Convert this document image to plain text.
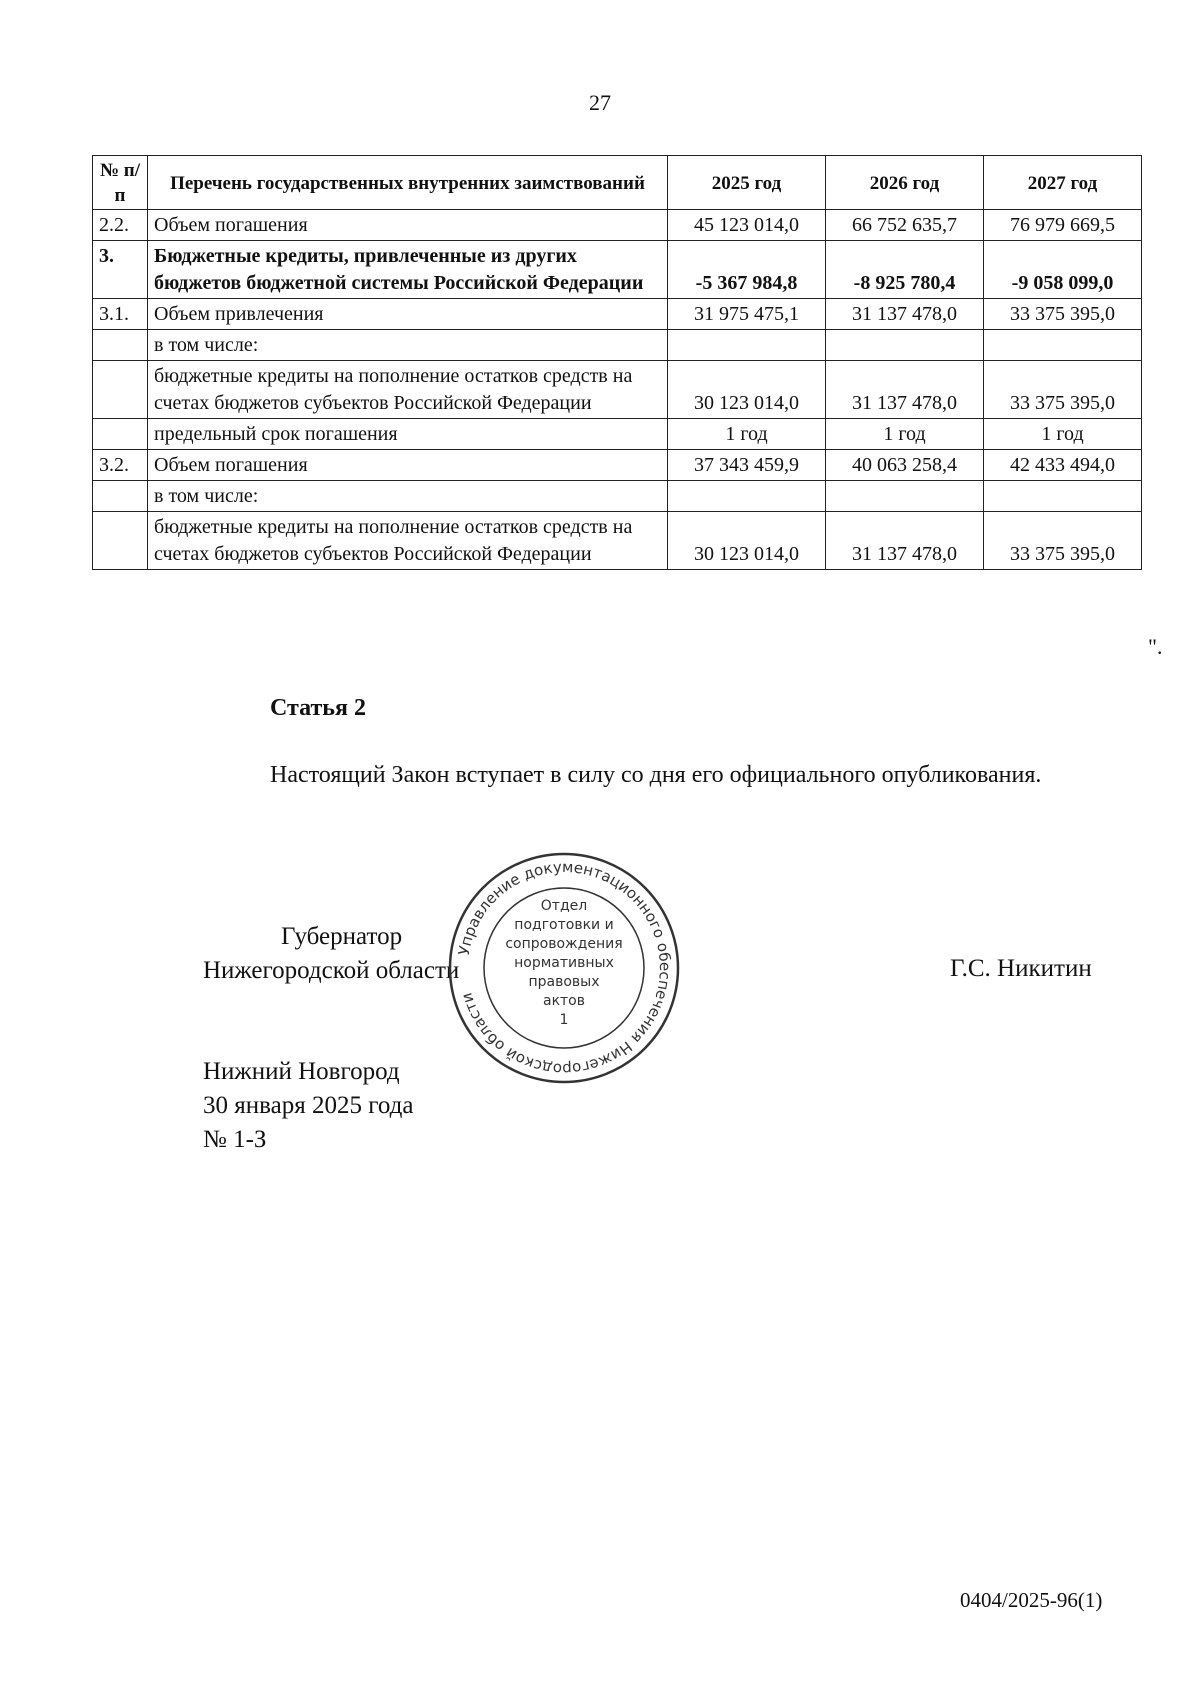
27
№ п/п	Перечень государственных внутренних заимствований	2025 год	2026 год	2027 год
2.2.	Объем погашения	45 123 014,0	66 752 635,7	76 979 669,5
3.	Бюджетные кредиты, привлеченные из других бюджетов бюджетной системы Российской Федерации	-5 367 984,8	-8 925 780,4	-9 058 099,0
3.1.	Объем привлечения	31 975 475,1	31 137 478,0	33 375 395,0
	в том числе:			
	бюджетные кредиты на пополнение остатков средств на счетах бюджетов субъектов Российской Федерации	30 123 014,0	31 137 478,0	33 375 395,0
	предельный срок погашения	1 год	1 год	1 год
3.2.	Объем погашения	37 343 459,9	40 063 258,4	42 433 494,0
	в том числе:			
	бюджетные кредиты на пополнение остатков средств на счетах бюджетов субъектов Российской Федерации	30 123 014,0	31 137 478,0	33 375 395,0
".
Статья 2
Настоящий Закон вступает в силу со дня его официального опубликования.
Губернатор
Нижегородской области
Управление документационного обеспечения Нижегородской области
Отдел
подготовки и
сопровождения
нормативных
правовых
актов
1
Г.С. Никитин
Нижний Новгород
30 января 2025 года
№ 1-З
0404/2025-96(1)
